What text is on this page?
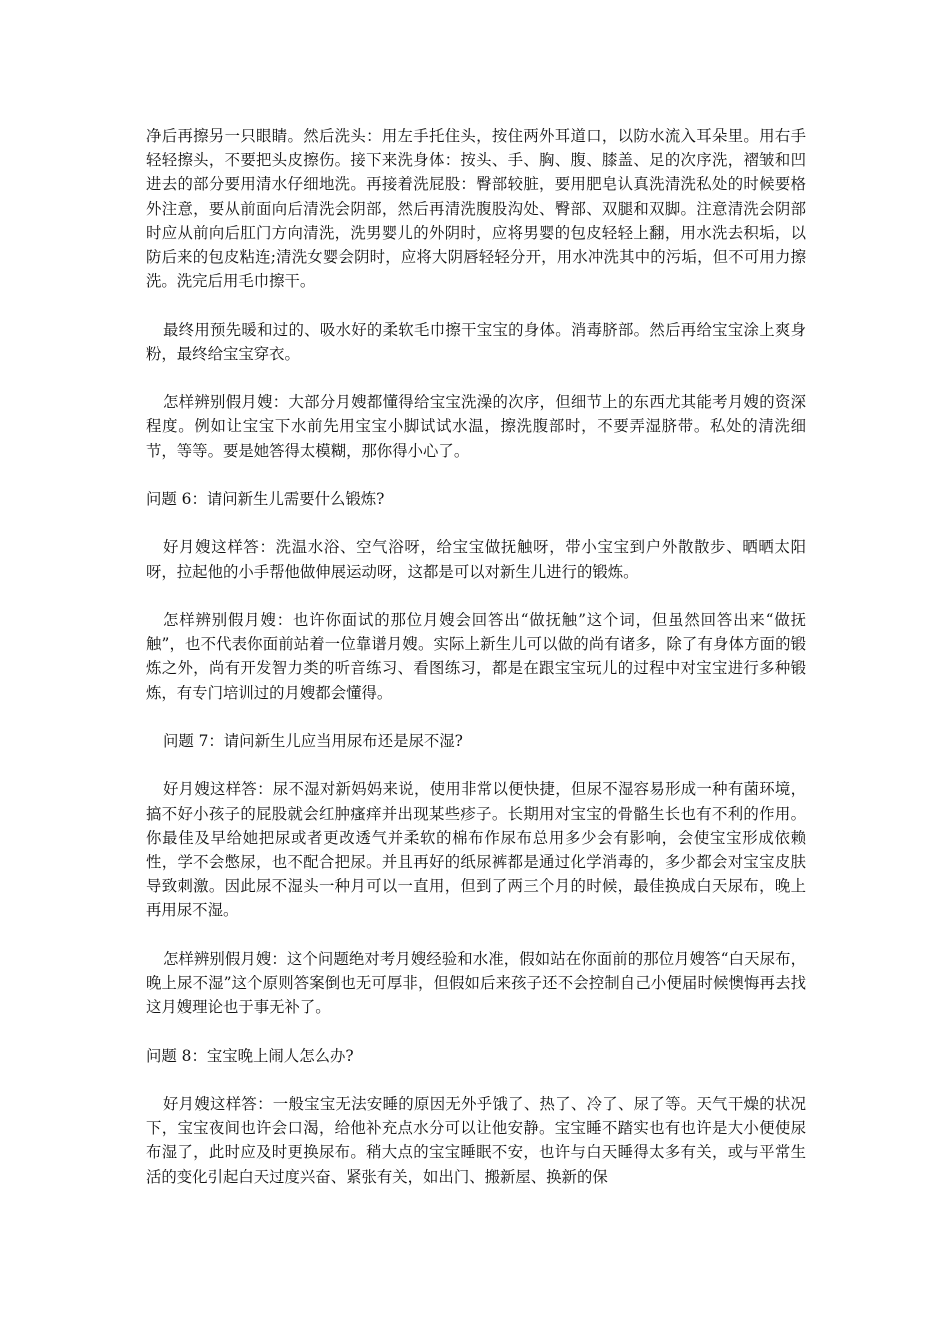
净后再擦另一只眼睛。然后洗头：用左手托住头，按住两外耳道口，以防水流入耳朵里。用右手轻轻擦头，不要把头皮擦伤。接下来洗身体：按头、手、胸、腹、膝盖、足的次序洗，褶皱和凹进去的部分要用清水仔细地洗。再接着洗屁股：臀部较脏，要用肥皂认真洗清洗私处的时候要格外注意，要从前面向后清洗会阴部，然后再清洗腹股沟处、臀部、双腿和双脚。注意清洗会阴部时应从前向后肛门方向清洗，洗男婴儿的外阴时，应将男婴的包皮轻轻上翻，用水洗去积垢，以防后来的包皮粘连;清洗女婴会阴时，应将大阴唇轻轻分开，用水冲洗其中的污垢，但不可用力擦洗。洗完后用毛巾擦干。

最终用预先暖和过的、吸水好的柔软毛巾擦干宝宝的身体。消毒脐部。然后再给宝宝涂上爽身粉，最终给宝宝穿衣。

怎样辨别假月嫂：大部分月嫂都懂得给宝宝洗澡的次序，但细节上的东西尤其能考月嫂的资深程度。例如让宝宝下水前先用宝宝小脚试试水温，擦洗腹部时，不要弄湿脐带。私处的清洗细节，等等。要是她答得太模糊，那你得小心了。

问题 6：请问新生儿需要什么锻炼?

好月嫂这样答：洗温水浴、空气浴呀，给宝宝做抚触呀，带小宝宝到户外散散步、晒晒太阳呀，拉起他的小手帮他做伸展运动呀，这都是可以对新生儿进行的锻炼。

怎样辨别假月嫂：也许你面试的那位月嫂会回答出“做抚触”这个词，但虽然回答出来“做抚触”，也不代表你面前站着一位靠谱月嫂。实际上新生儿可以做的尚有诸多，除了有身体方面的锻炼之外，尚有开发智力类的听音练习、看图练习，都是在跟宝宝玩儿的过程中对宝宝进行多种锻炼，有专门培训过的月嫂都会懂得。

问题 7：请问新生儿应当用尿布还是尿不湿?

好月嫂这样答：尿不湿对新妈妈来说，使用非常以便快捷，但尿不湿容易形成一种有菌环境，搞不好小孩子的屁股就会红肿瘙痒并出现某些疹子。长期用对宝宝的骨骼生长也有不利的作用。你最佳及早给她把尿或者更改透气并柔软的棉布作尿布总用多少会有影响，会使宝宝形成依赖性，学不会憋尿，也不配合把尿。并且再好的纸尿裤都是通过化学消毒的，多少都会对宝宝皮肤导致刺激。因此尿不湿头一种月可以一直用，但到了两三个月的时候，最佳换成白天尿布，晚上再用尿不湿。

怎样辨别假月嫂：这个问题绝对考月嫂经验和水准，假如站在你面前的那位月嫂答“白天尿布，晚上尿不湿”这个原则答案倒也无可厚非，但假如后来孩子还不会控制自己小便届时候懊悔再去找这月嫂理论也于事无补了。

问题 8：宝宝晚上闹人怎么办?

好月嫂这样答：一般宝宝无法安睡的原因无外乎饿了、热了、冷了、尿了等。天气干燥的状况下，宝宝夜间也许会口渴，给他补充点水分可以让他安静。宝宝睡不踏实也有也许是大小便使尿布湿了，此时应及时更换尿布。稍大点的宝宝睡眠不安，也许与白天睡得太多有关，或与平常生活的变化引起白天过度兴奋、紧张有关，如出门、搬新屋、换新的保
